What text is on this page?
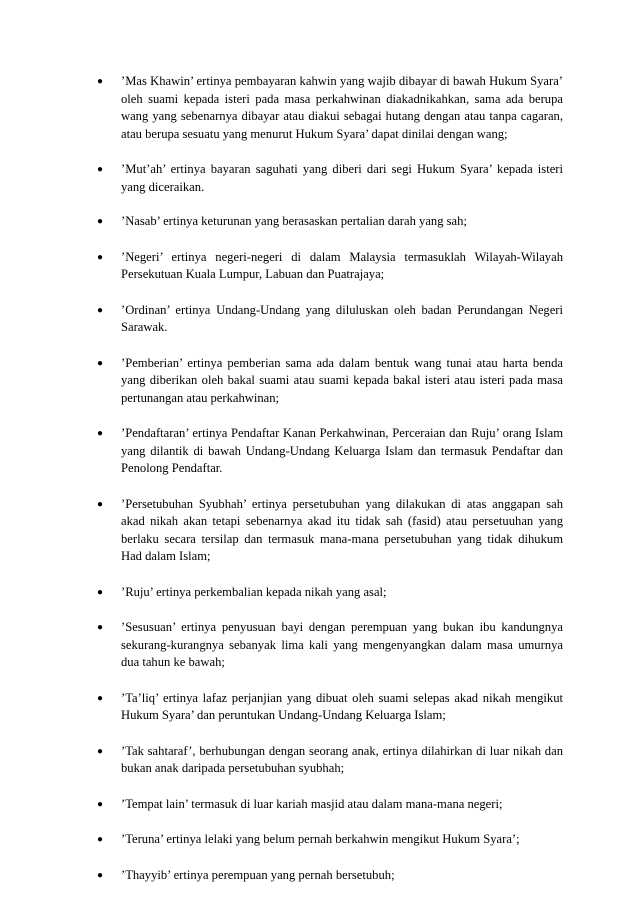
● ’Mas Khawin’ ertinya pembayaran kahwin yang wajib dibayar di bawah Hukum Syara’ oleh suami kepada isteri pada masa perkahwinan diakadnikahkan, sama ada berupa wang yang sebenarnya dibayar atau diakui sebagai hutang dengan atau tanpa cagaran, atau berupa sesuatu yang menurut Hukum Syara’ dapat dinilai dengan wang;
● ’Mut’ah’ ertinya bayaran saguhati yang diberi dari segi Hukum Syara’ kepada isteri yang diceraikan.
● ’Nasab’ ertinya keturunan yang berasaskan pertalian darah yang sah;
● ’Negeri’ ertinya negeri-negeri di dalam Malaysia termasuklah Wilayah-Wilayah Persekutuan Kuala Lumpur, Labuan dan Puatrajaya;
● ’Ordinan’ ertinya Undang-Undang yang diluluskan oleh badan Perundangan Negeri Sarawak.
● ’Pemberian’ ertinya pemberian sama ada dalam bentuk wang tunai atau harta benda yang diberikan oleh bakal suami atau suami kepada bakal isteri atau isteri pada masa pertunangan atau perkahwinan;
● ’Pendaftaran’ ertinya Pendaftar Kanan Perkahwinan, Perceraian dan Ruju’ orang Islam yang dilantik di bawah Undang-Undang Keluarga Islam dan termasuk Pendaftar dan Penolong Pendaftar.
● ’Persetubuhan Syubhah’ ertinya persetubuhan yang dilakukan di atas anggapan sah akad nikah akan tetapi sebenarnya akad itu tidak sah (fasid) atau persetuuhan yang berlaku secara tersilap dan termasuk mana-mana persetubuhan yang tidak dihukum Had dalam Islam;
● ’Ruju’ ertinya perkembalian kepada nikah yang asal;
● ’Sesusuan’ ertinya penyusuan bayi dengan perempuan yang bukan ibu kandungnya sekurang-kurangnya sebanyak lima kali yang mengenyangkan dalam masa umurnya dua tahun ke bawah;
● ’Ta’liq’ ertinya lafaz perjanjian yang dibuat oleh suami selepas akad nikah mengikut Hukum Syara’ dan peruntukan Undang-Undang Keluarga Islam;
● ’Tak sahtaraf’, berhubungan dengan seorang anak, ertinya dilahirkan di luar nikah dan bukan anak daripada persetubuhan syubhah;
● ’Tempat lain’ termasuk di luar kariah masjid atau dalam mana-mana negeri;
● ’Teruna’ ertinya lelaki yang belum pernah berkahwin mengikut Hukum Syara’;
● ’Thayyib’ ertinya perempuan yang pernah bersetubuh;
